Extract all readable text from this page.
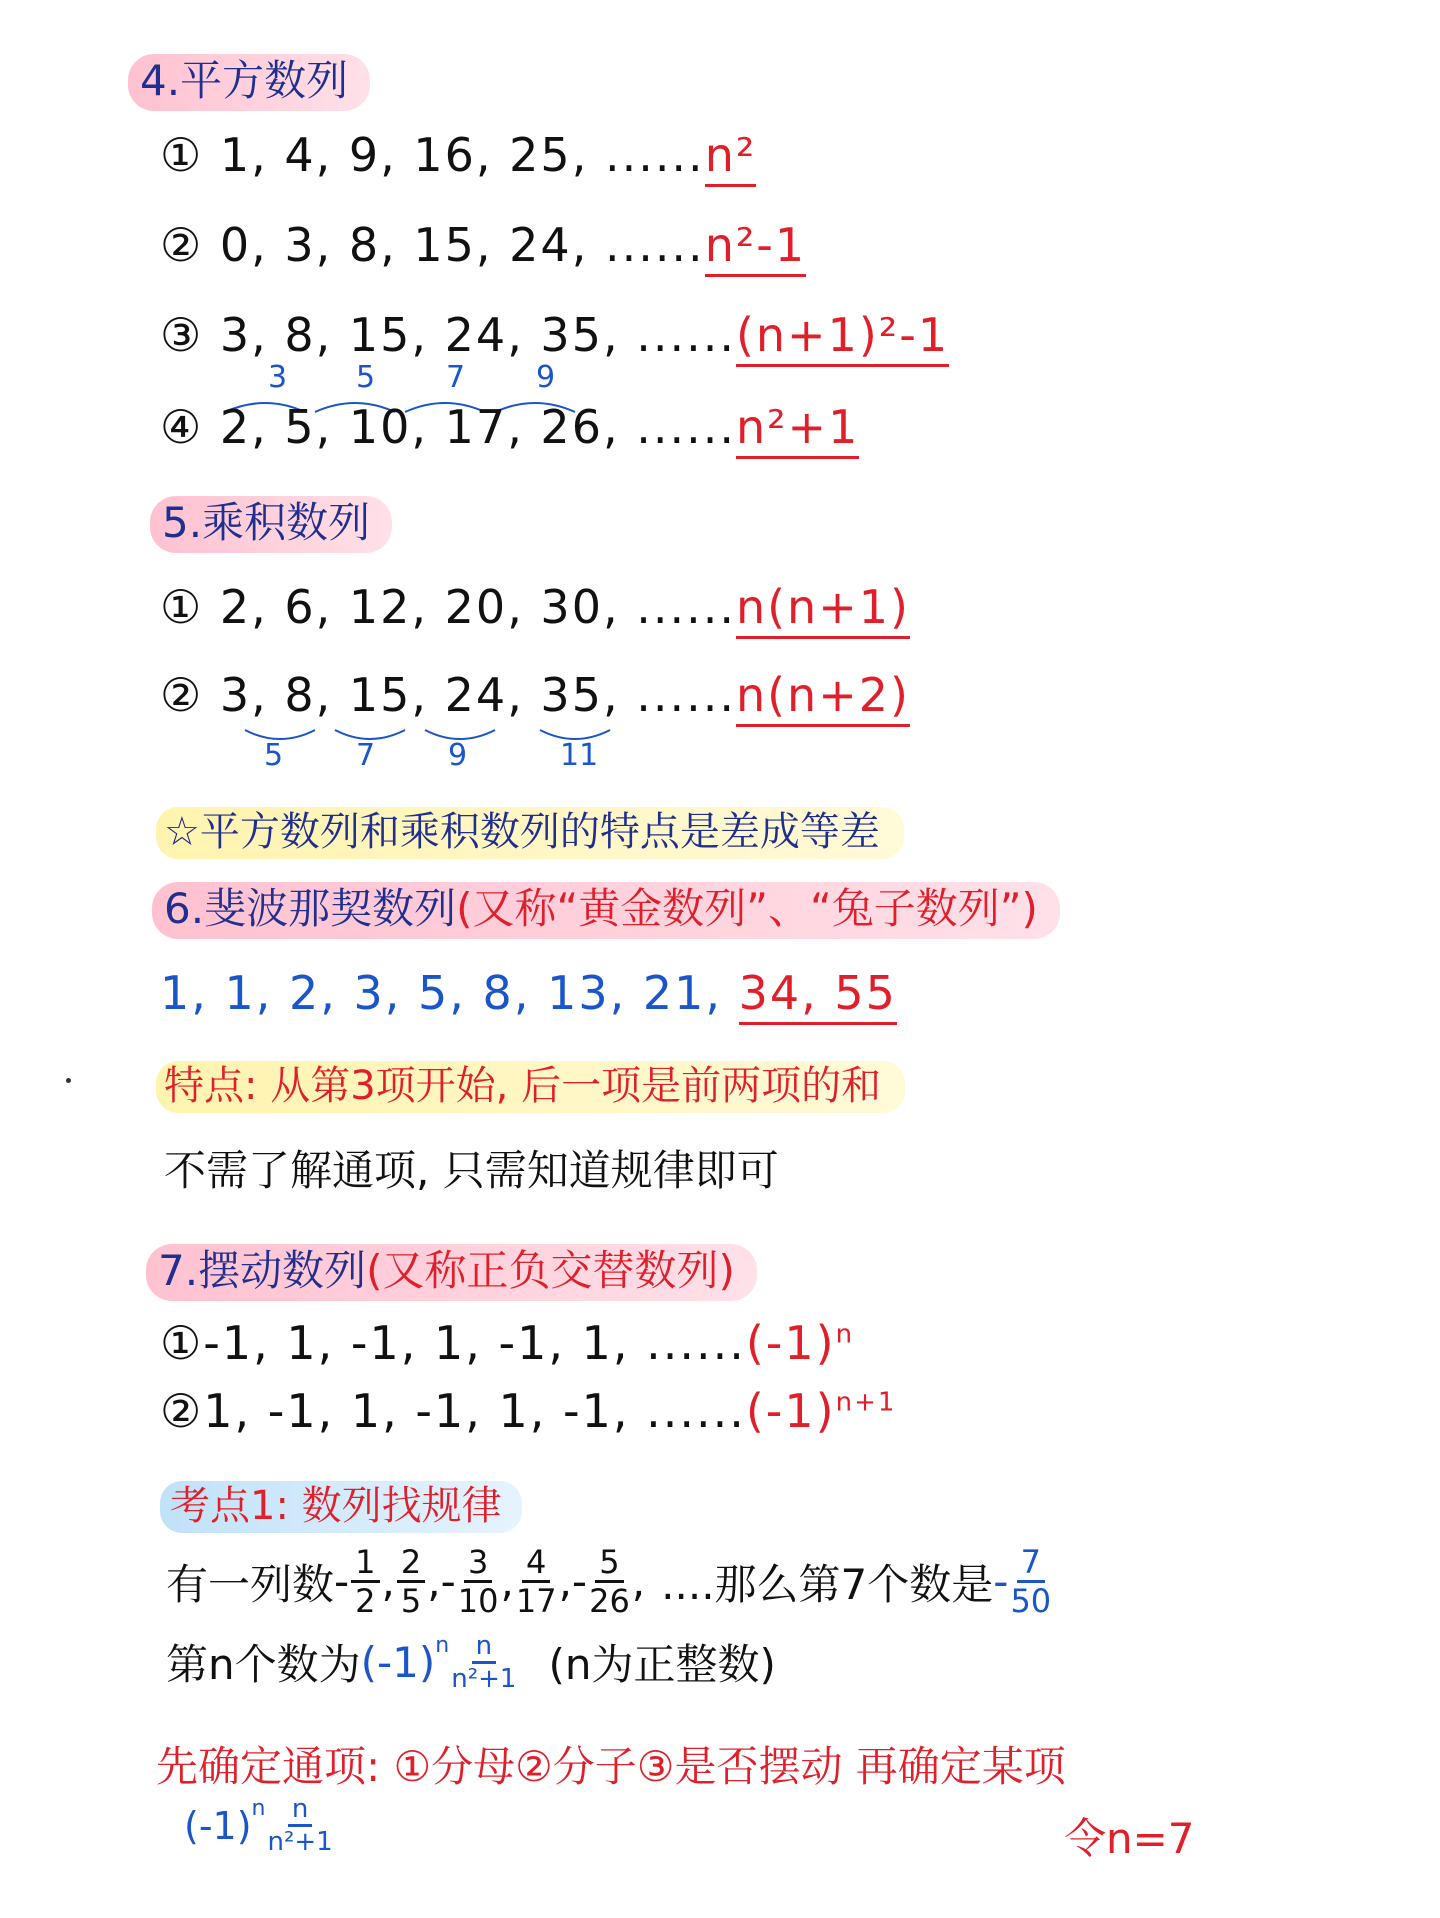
4.平方数列
① 1, 4, 9, 16, 25, ......n²
② 0, 3, 8, 15, 24, ......n²-1
③ 3, 8, 15, 24, 35, ......(n+1)²-1
3 5 7 9
④ 2, 5, 10, 17, 26, ......n²+1
5.乘积数列
① 2, 6, 12, 20, 30, ......n(n+1)
② 3, 8, 15, 24, 35, ......n(n+2)
5 7 9	11
☆平方数列和乘积数列的特点是差成等差
6.斐波那契数列(又称“黄金数列”、“兔子数列”)
1, 1, 2, 3, 5, 8, 13, 21, 34, 55
特点: 从第3项开始, 后一项是前两项的和
不需了解通项, 只需知道规律即可
7.摆动数列(又称正负交替数列)
①-1, 1, -1, 1, -1, 1, $......(-1)^n$
②1, -1, 1, -1, 1, -1, $......(-1)^{n+1}$
考点1: 数列找规律
有一列数 - $\frac{1}{2}$ , $\frac{2}{5}$ , - $\frac{3}{10}$ , $\frac{4}{17}$ , - $\frac{5}{26}$ , ....那么第7个数是 - $\frac{7}{50}$
第n个数为 (-1) n $\frac{n}{\text{n²+1}} (n$为正整数)
先确定通项: ①分母②分子③是否摆动 再确定某项
(-1) n $\frac{n}{\text{n²+1}}$	令n=7
